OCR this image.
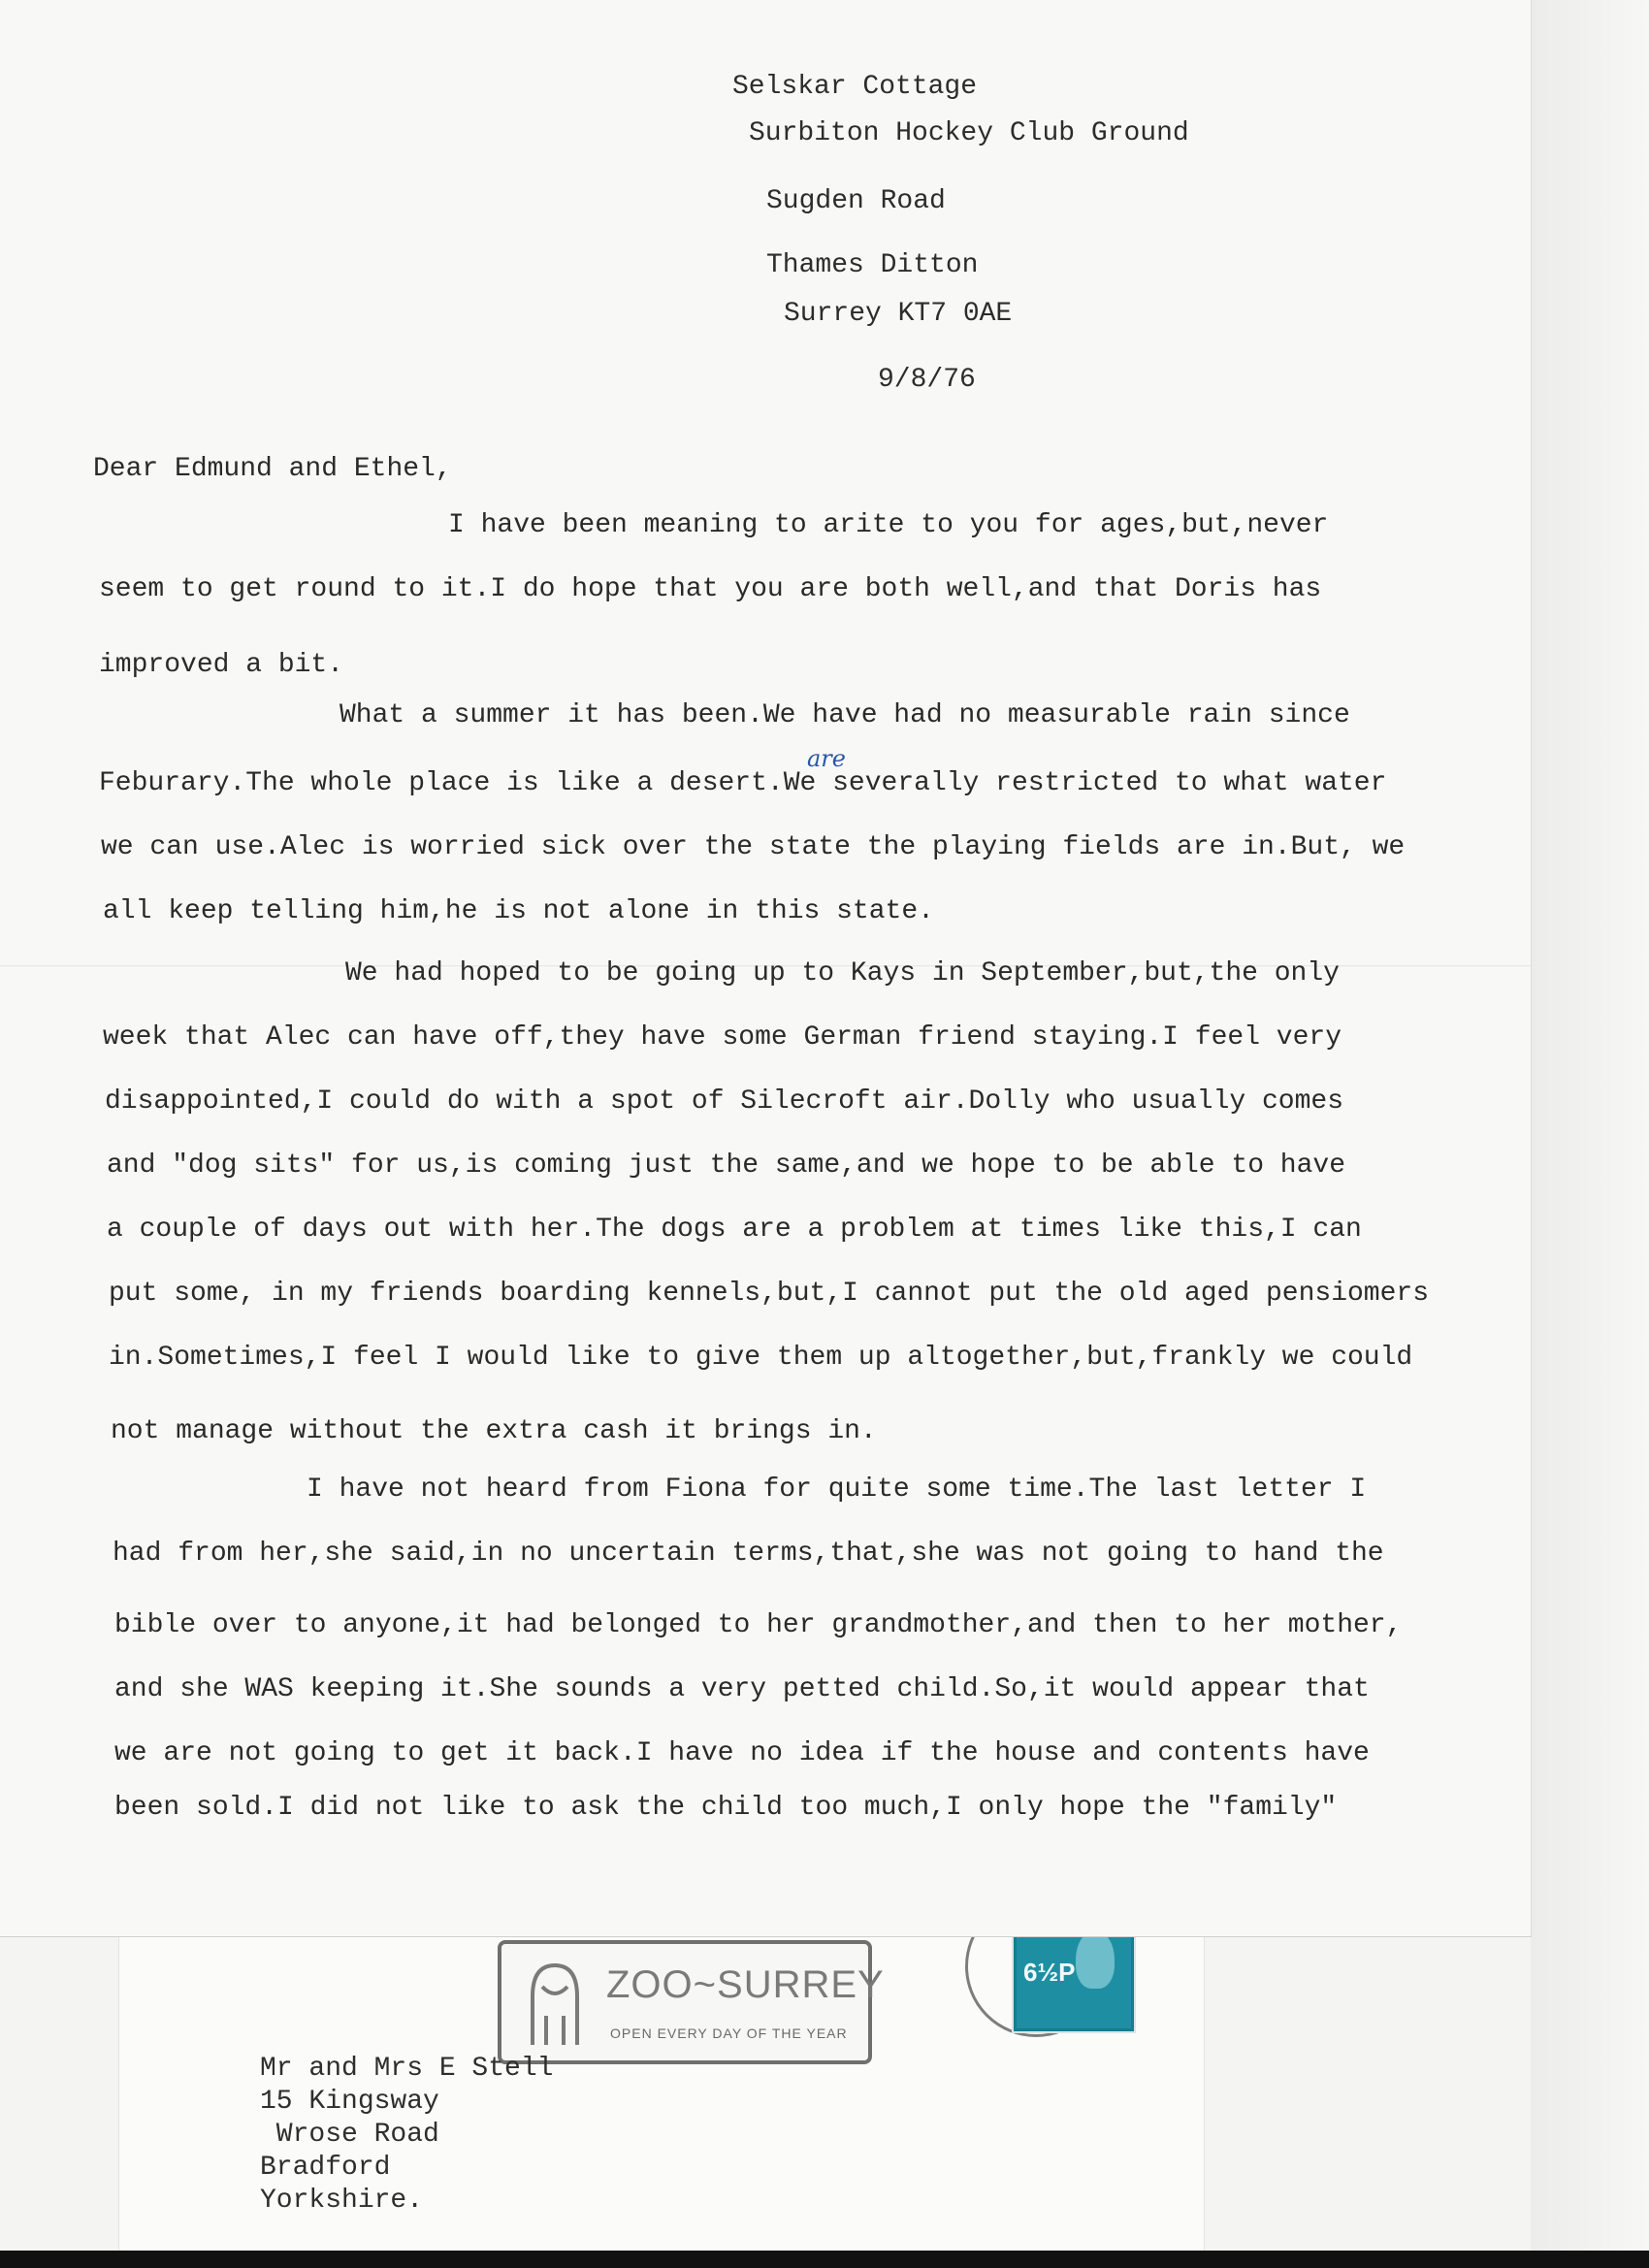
6½P
ZOO~SURREY
OPEN EVERY DAY OF THE YEAR
Mr and Mrs E Stell
15 Kingsway
Wrose Road
Bradford
Yorkshire.
Selskar Cottage
Surbiton Hockey Club Ground
Sugden Road
Thames Ditton
Surrey KT7 0AE
9/8/76
Dear Edmund and Ethel,
I have been meaning to arite to you for ages,but,never
seem to get round to it.I do hope that you are both well,and that Doris has
improved a bit.
What a summer it has been.We have had no measurable rain since
are
Feburary.The whole place is like a desert.We severally restricted to what water
we can use.Alec is worried sick over the state the playing fields are in.But, we
all keep telling him,he is not alone in this state.
We had hoped to be going up to Kays in September,but,the only
week that Alec can have off,they have some German friend staying.I feel very
disappointed,I could do with a spot of Silecroft air.Dolly who usually comes
and "dog sits" for us,is coming just the same,and we hope to be able to have
a couple of days out with her.The dogs are a problem at times like this,I can
put some, in my friends boarding kennels,but,I cannot put the old aged pensiomers
in.Sometimes,I feel I would like to give them up altogether,but,frankly we could
not manage without the extra cash it brings in.
I have not heard from Fiona for quite some time.The last letter I
had from her,she said,in no uncertain terms,that,she was not going to hand the
bible over to anyone,it had belonged to her grandmother,and then to her mother,
and she WAS keeping it.She sounds a very petted child.So,it would appear that
we are not going to get it back.I have no idea if the house and contents have
been sold.I did not like to ask the child too much,I only hope the "family"
